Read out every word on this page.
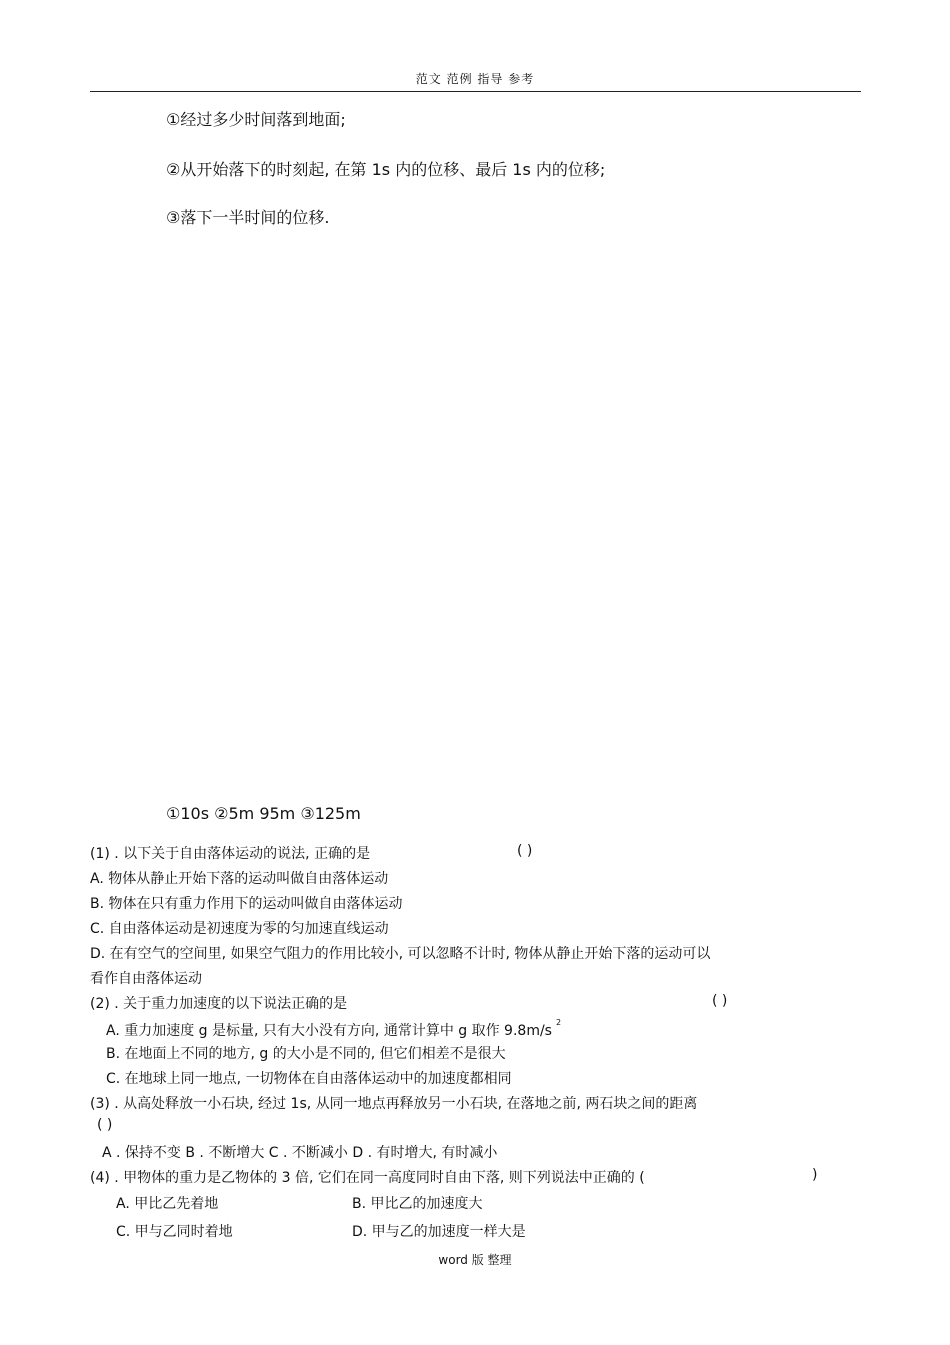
范文 范例 指导 参考
①经过多少时间落到地面;
②从开始落下的时刻起, 在第 1s 内的位移、最后 1s 内的位移;
③落下一半时间的位移.
①10s ②5m 95m ③125m
(1) . 以下关于自由落体运动的说法, 正确的是	( )
A. 物体从静止开始下落的运动叫做自由落体运动
B. 物体在只有重力作用下的运动叫做自由落体运动
C. 自由落体运动是初速度为零的匀加速直线运动
D. 在有空气的空间里, 如果空气阻力的作用比较小, 可以忽略不计时, 物体从静止开始下落的运动可以
看作自由落体运动
(2) . 关于重力加速度的以下说法正确的是	( )
A. 重力加速度 g 是标量, 只有大小没有方向, 通常计算中 g 取作 $9.8m/s^2$
B. 在地面上不同的地方, g 的大小是不同的, 但它们相差不是很大
C. 在地球上同一地点, 一切物体在自由落体运动中的加速度都相同
(3) . 从高处释放一小石块, 经过 1s, 从同一地点再释放另一小石块, 在落地之前, 两石块之间的距离
( )
A . 保持不变 B . 不断增大 C . 不断减小 D . 有时增大, 有时减小
(4) . 甲物体的重力是乙物体的 3 倍, 它们在同一高度同时自由下落, 则下列说法中正确的 (	)
A. 甲比乙先着地	B. 甲比乙的加速度大
C. 甲与乙同时着地	D. 甲与乙的加速度一样大是
word 版 整理
